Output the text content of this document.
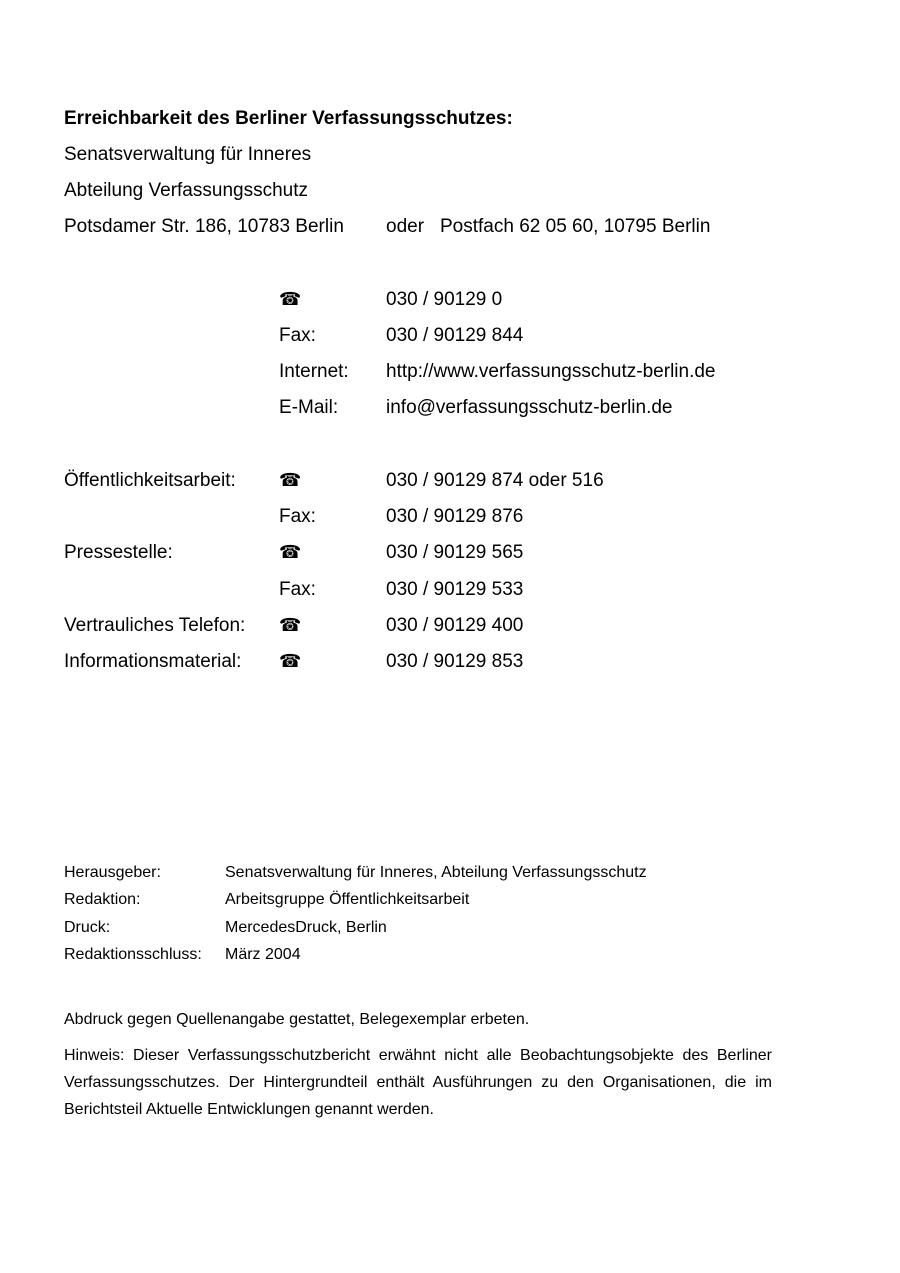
Erreichbarkeit des Berliner Verfassungsschutzes:
Senatsverwaltung für Inneres
Abteilung Verfassungsschutz
Potsdamer Str. 186, 10783 Berlin oder Postfach 62 05 60, 10795 Berlin
☎	030 / 90129 0
Fax:	030 / 90129 844
Internet: http://www.verfassungsschutz-berlin.de
E-Mail:	info@verfassungsschutz-berlin.de
Öffentlichkeitsarbeit: ☎	030 / 90129 874 oder 516
Fax:	030 / 90129 876
Pressestelle:	☎	030 / 90129 565
Fax:	030 / 90129 533
Vertrauliches Telefon: ☎	030 / 90129 400
Informationsmaterial: ☎	030 / 90129 853
Herausgeber:	Senatsverwaltung für Inneres, Abteilung Verfassungsschutz
Redaktion:	Arbeitsgruppe Öffentlichkeitsarbeit
Druck:	MercedesDruck, Berlin
Redaktionsschluss: März 2004
Abdruck gegen Quellenangabe gestattet, Belegexemplar erbeten.
Hinweis: Dieser Verfassungsschutzbericht erwähnt nicht alle Beobachtungsobjekte des Berliner Verfassungsschutzes. Der Hintergrundteil enthält Ausführungen zu den Organisationen, die im Berichtsteil Aktuelle Entwicklungen genannt werden.
